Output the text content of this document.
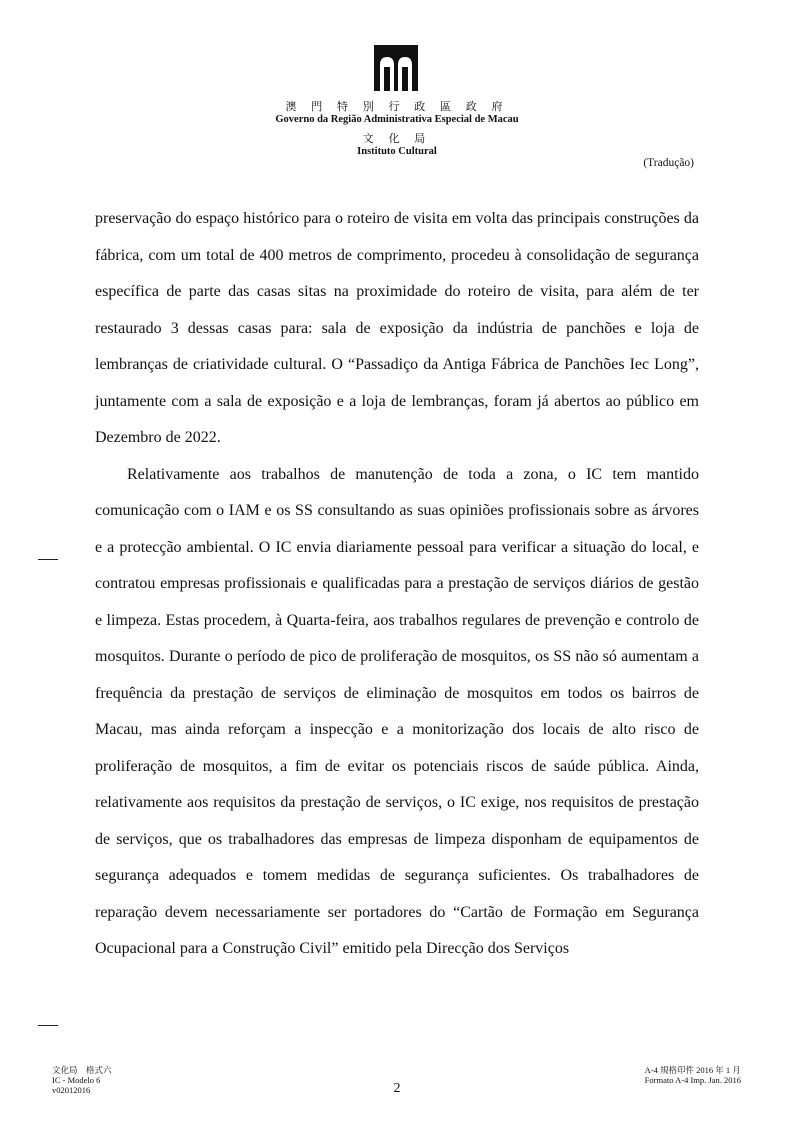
澳 門 特 別 行 政 區 政 府
Governo da Região Administrativa Especial de Macau
文 化 局
Instituto Cultural
(Tradução)

preservação do espaço histórico para o roteiro de visita em volta das principais construções da fábrica, com um total de 400 metros de comprimento, procedeu à consolidação de segurança específica de parte das casas sitas na proximidade do roteiro de visita, para além de ter restaurado 3 dessas casas para: sala de exposição da indústria de panchões e loja de lembranças de criatividade cultural. O “Passadiço da Antiga Fábrica de Panchões Iec Long”, juntamente com a sala de exposição e a loja de lembranças, foram já abertos ao público em Dezembro de 2022.

Relativamente aos trabalhos de manutenção de toda a zona, o IC tem mantido comunicação com o IAM e os SS consultando as suas opiniões profissionais sobre as árvores e a protecção ambiental. O IC envia diariamente pessoal para verificar a situação do local, e contratou empresas profissionais e qualificadas para a prestação de serviços diários de gestão e limpeza. Estas procedem, à Quarta-feira, aos trabalhos regulares de prevenção e controlo de mosquitos. Durante o período de pico de proliferação de mosquitos, os SS não só aumentam a frequência da prestação de serviços de eliminação de mosquitos em todos os bairros de Macau, mas ainda reforçam a inspecção e a monitorização dos locais de alto risco de proliferação de mosquitos, a fim de evitar os potenciais riscos de saúde pública. Ainda, relativamente aos requisitos da prestação de serviços, o IC exige, nos requisitos de prestação de serviços, que os trabalhadores das empresas de limpeza disponham de equipamentos de segurança adequados e tomem medidas de segurança suficientes. Os trabalhadores de reparação devem necessariamente ser portadores do “Cartão de Formação em Segurança Ocupacional para a Construção Civil” emitido pela Direcção dos Serviços

文化局　格式六
IC - Modelo 6
v02012016	2
A-4 規格印件 2016 年 1 月
Formato A-4 Imp. Jan. 2016
